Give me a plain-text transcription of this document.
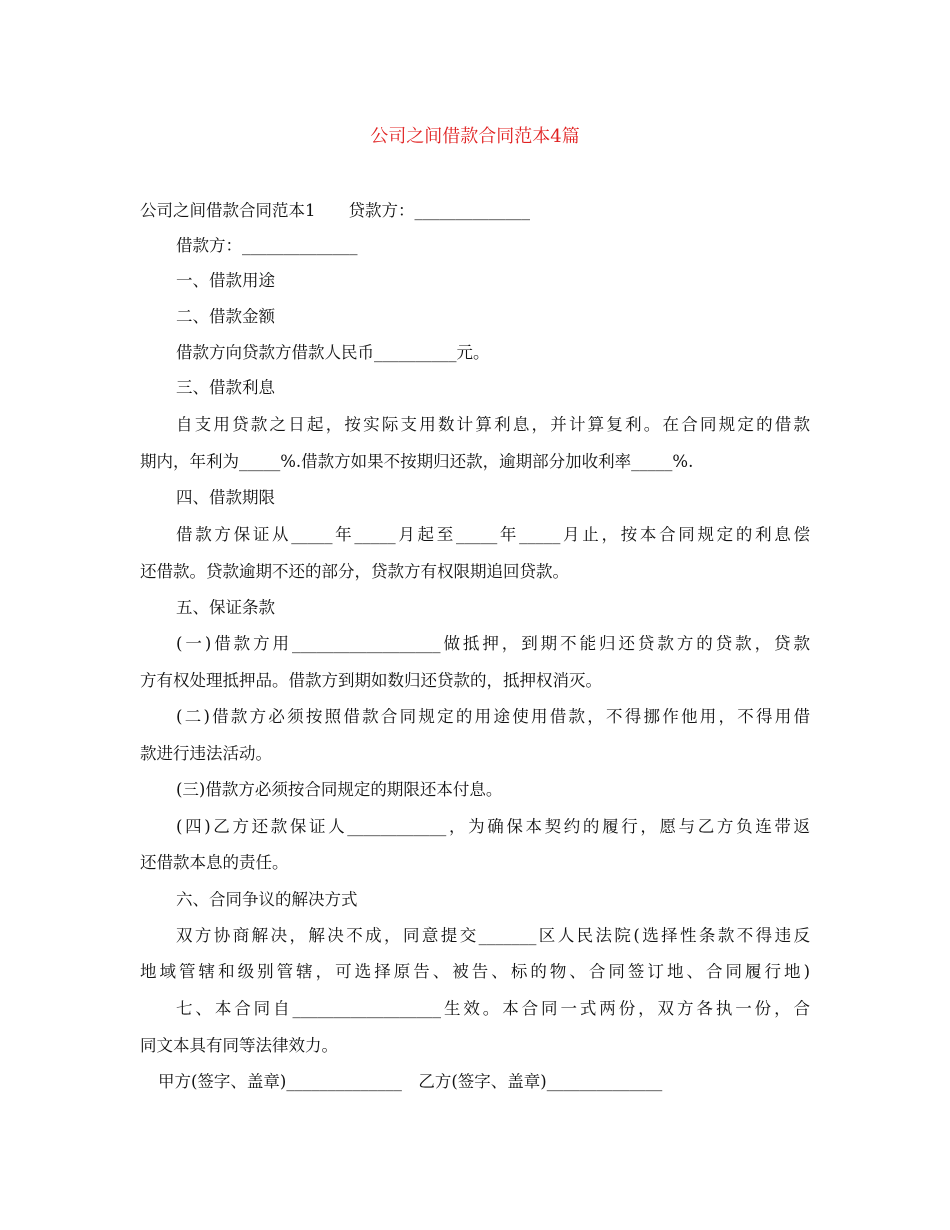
公司之间借款合同范本4篇
公司之间借款合同范本1　　贷款方：______________
借款方：______________
一、借款用途
二、借款金额
借款方向贷款方借款人民币__________元。
三、借款利息
自支用贷款之日起，按实际支用数计算利息，并计算复利。在合同规定的借款
期内，年利为_____%.借款方如果不按期归还款，逾期部分加收利率_____%.
四、借款期限
借款方保证从_____年_____月起至_____年_____月止，按本合同规定的利息偿
还借款。贷款逾期不还的部分，贷款方有权限期追回贷款。
五、保证条款
(一)借款方用__________________做抵押，到期不能归还贷款方的贷款，贷款
方有权处理抵押品。借款方到期如数归还贷款的，抵押权消灭。
(二)借款方必须按照借款合同规定的用途使用借款，不得挪作他用，不得用借
款进行违法活动。
(三)借款方必须按合同规定的期限还本付息。
(四)乙方还款保证人____________，为确保本契约的履行，愿与乙方负连带返
还借款本息的责任。
六、合同争议的解决方式
双方协商解决，解决不成，同意提交_______区人民法院(选择性条款不得违反
地域管辖和级别管辖，可选择原告、被告、标的物、合同签订地、合同履行地)
七、本合同自__________________生效。本合同一式两份，双方各执一份，合
同文本具有同等法律效力。
甲方(签字、盖章)______________　乙方(签字、盖章)______________
